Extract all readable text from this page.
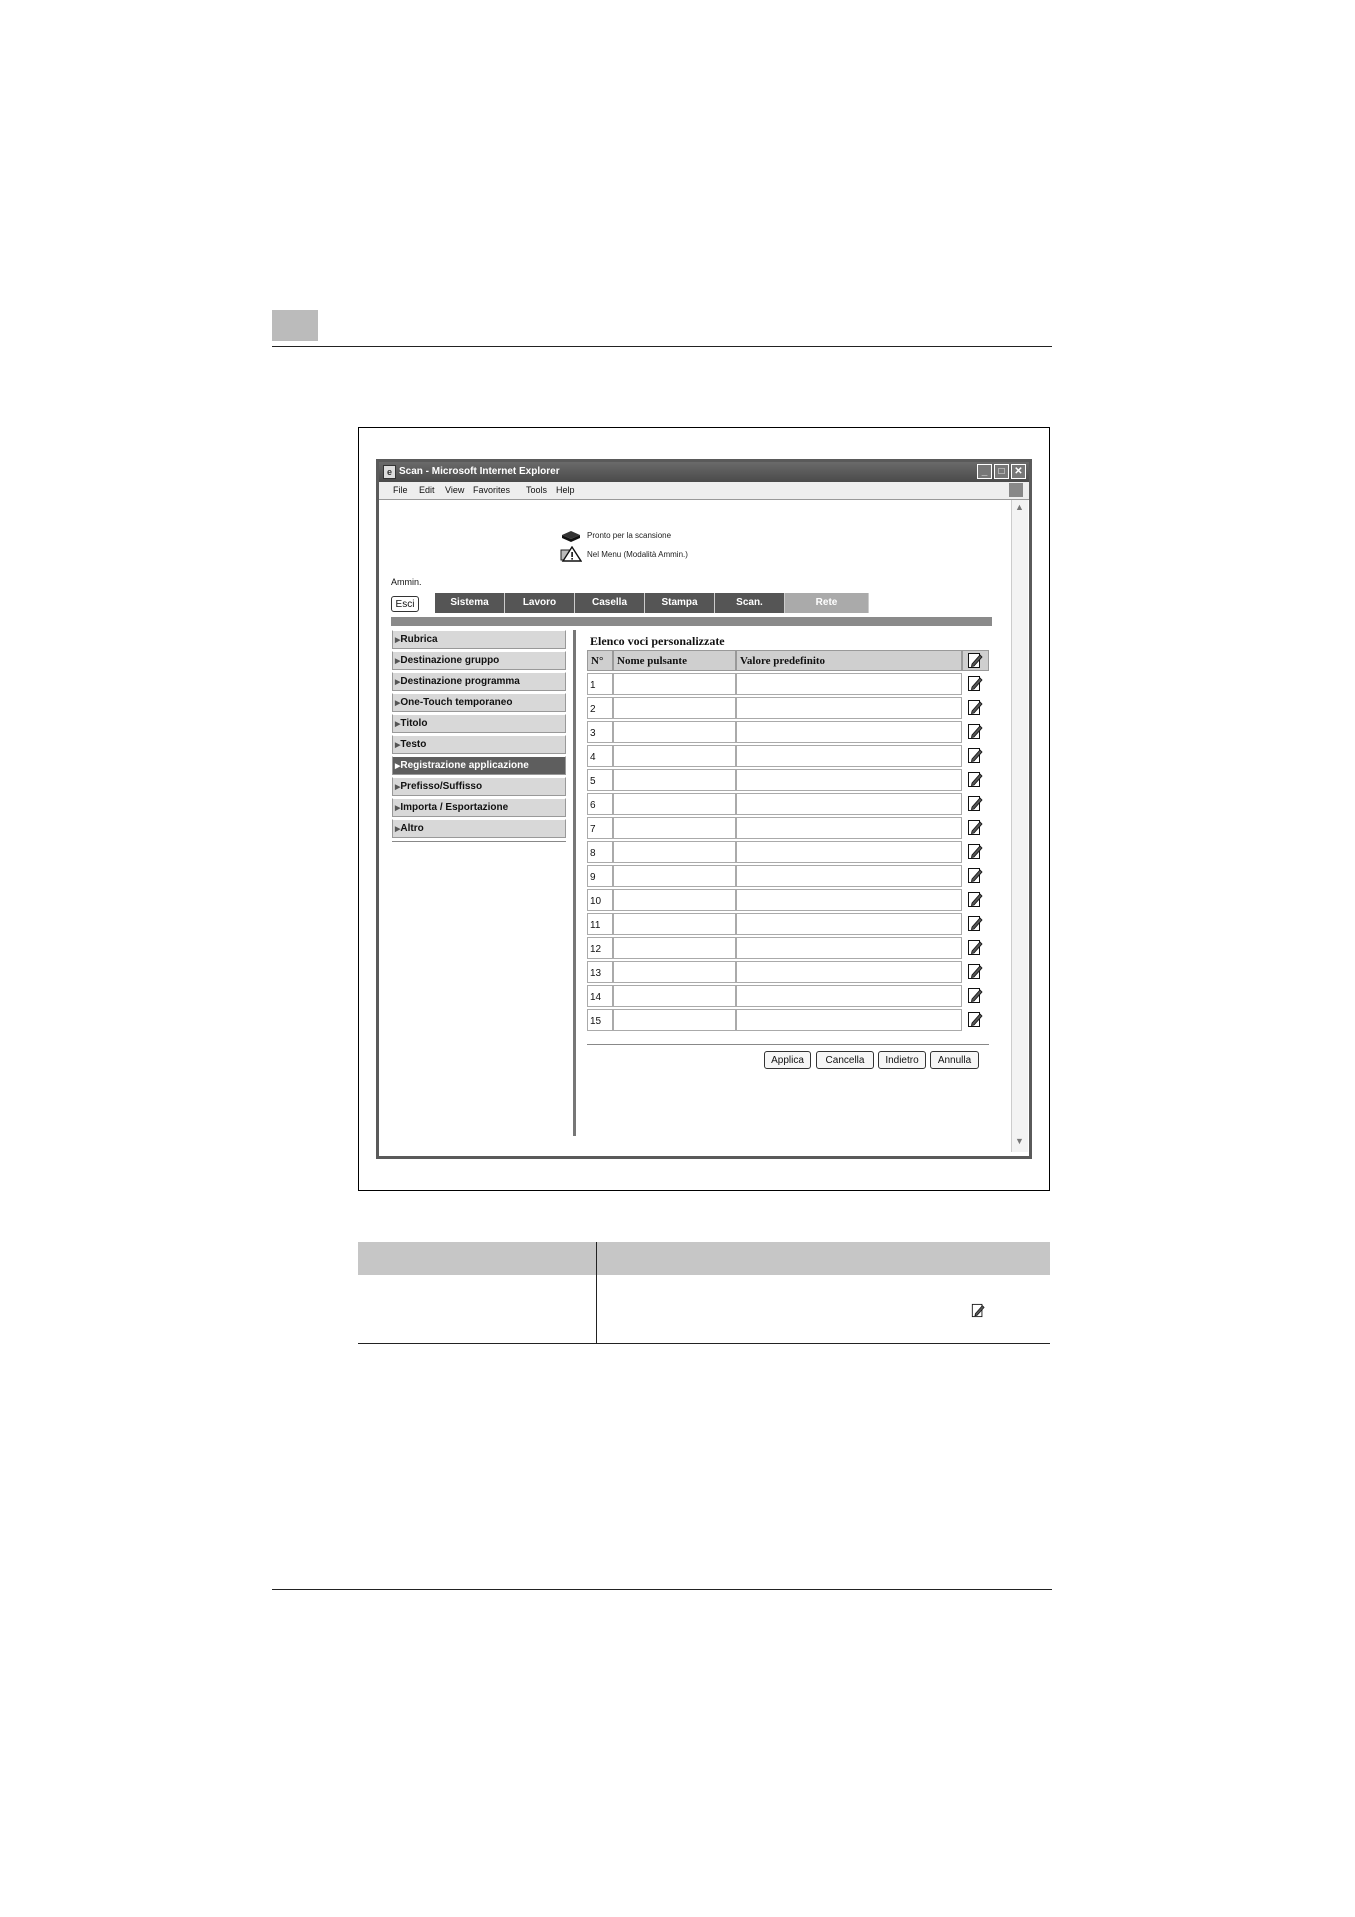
e Scan - Microsoft Internet Explorer	_	□ ✕
File Edit View Favorites Tools Help
▲
▼
Pronto per la scansione
Nel Menu (Modalità Ammin.)
Ammin.
Esci	Sistema	Lavoro	Casella	Stampa	Scan.	Rete
▶Rubrica
▶Destinazione gruppo
▶Destinazione programma
▶One-Touch temporaneo
▶Titolo
▶Testo
▶Registrazione applicazione
▶Prefisso/Suffisso
▶Importa / Esportazione
▶Altro
Elenco voci personalizzate
N°	Nome pulsante	Valore predefinito
1
2
3
4
5
6
7
8
9
10
11
12
13
14
15
Applica	Cancella	Indietro	Annulla
